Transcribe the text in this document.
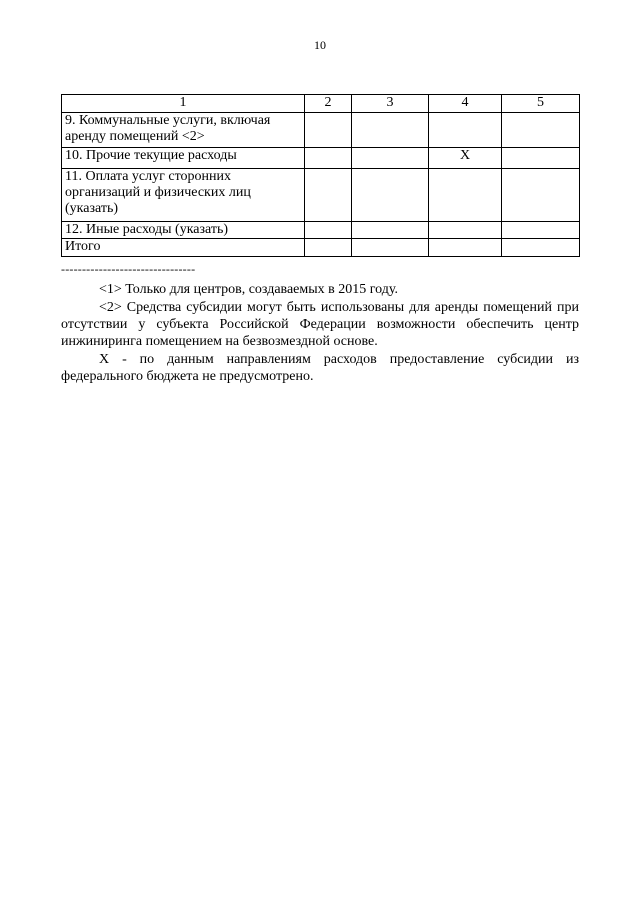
10
1	2	3	4	5
9. Коммунальные услуги, включая аренду помещений <2>				
10. Прочие текущие расходы			X	
11. Оплата услуг сторонних организаций и физических лиц (указать)				
12. Иные расходы (указать)				
Итого				
--------------------------------

<1> Только для центров, создаваемых в 2015 году.

<2> Средства субсидии могут быть использованы для аренды помещений при отсутствии у субъекта Российской Федерации возможности обеспечить центр инжиниринга помещением на безвозмездной основе.

X - по данным направлениям расходов предоставление субсидии из федерального бюджета не предусмотрено.
